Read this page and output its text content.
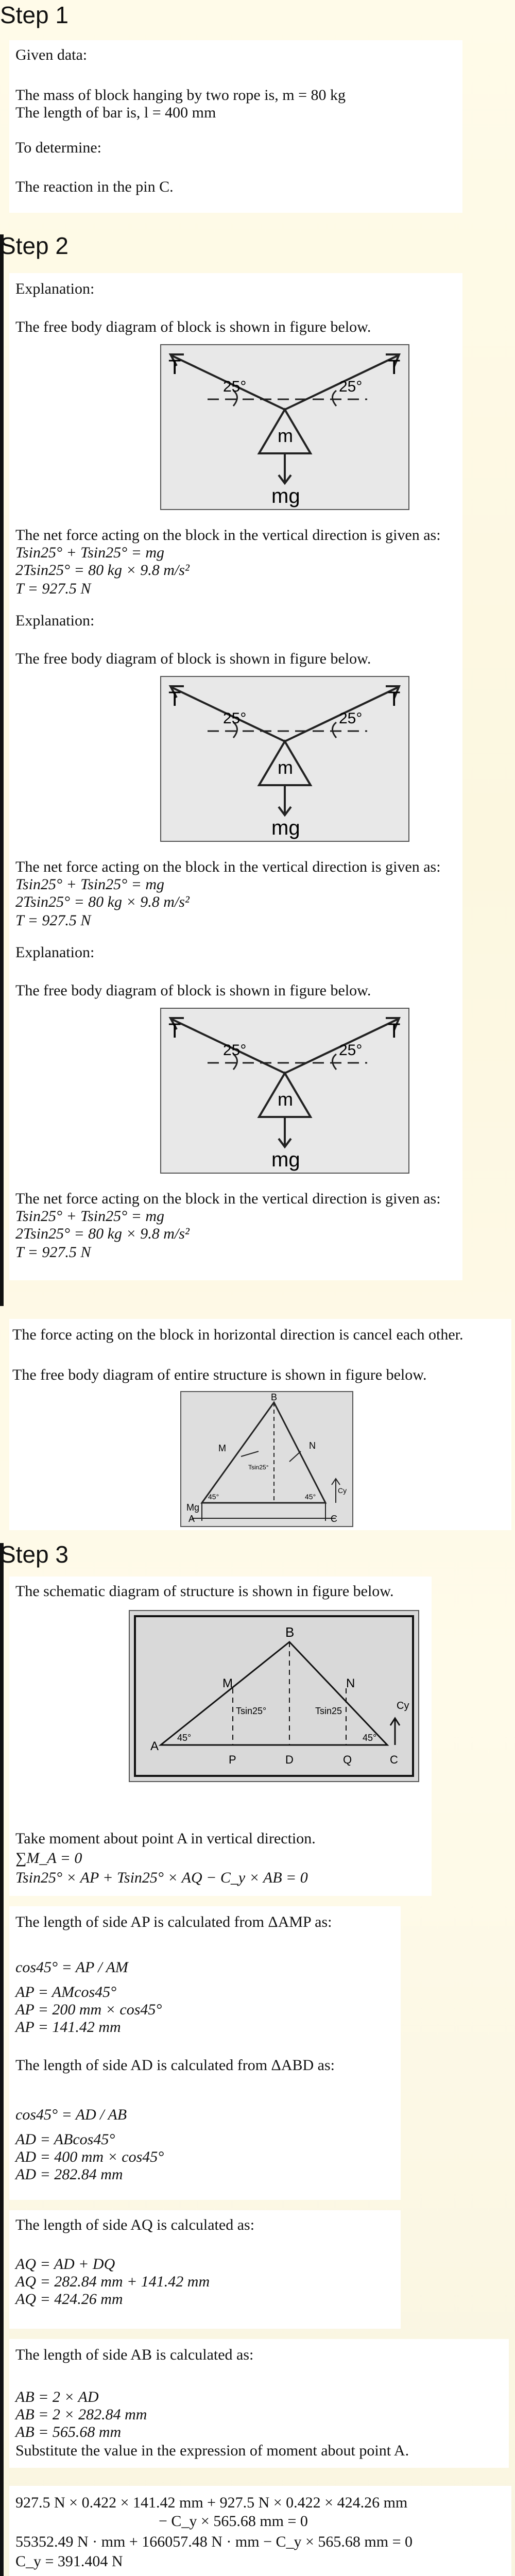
Step 1
Given data:
The mass of block hanging by two rope is, m = 80 kg
The length of bar is, l = 400 mm
To determine:
The reaction in the pin C.
Step 2
Explanation:
The free body diagram of block is shown in figure below.
T	T
25°	25°
m
mg
The net force acting on the block in the vertical direction is given as:
Tsin25° + Tsin25° = mg
2Tsin25° = 80 kg × 9.8 m/s²
T = 927.5 N
Explanation:
The free body diagram of block is shown in figure below.
T	T
25°	25°
m
mg
The net force acting on the block in the vertical direction is given as:
Tsin25° + Tsin25° = mg
2Tsin25° = 80 kg × 9.8 m/s²
T = 927.5 N
Explanation:
The free body diagram of block is shown in figure below.
T	T
25°	25°
m
mg
The net force acting on the block in the vertical direction is given as:
Tsin25° + Tsin25° = mg
2Tsin25° = 80 kg × 9.8 m/s²
T = 927.5 N
The force acting on the block in horizontal direction is cancel each other.
The free body diagram of entire structure is shown in figure below.
B
M	N
Mg
A	C
45°	45°
Cy
Tsin25°
Step 3
The schematic diagram of structure is shown in figure below.
B
M	N
A
P	D	Q	C
Cy
Tsin25°	Tsin25
45°	45°
Take moment about point A in vertical direction.
∑M_A = 0
Tsin25° × AP + Tsin25° × AQ − C_y × AB = 0
The length of side AP is calculated from ΔAMP as:
cos45° = AP / AM
AP = AMcos45°
AP = 200 mm × cos45°
AP = 141.42 mm
The length of side AD is calculated from ΔABD as:
cos45° = AD / AB
AD = ABcos45°
AD = 400 mm × cos45°
AD = 282.84 mm
The length of side AQ is calculated as:
AQ = AD + DQ
AQ = 282.84 mm + 141.42 mm
AQ = 424.26 mm
The length of side AB is calculated as:
AB = 2 × AD
AB = 2 × 282.84 mm
AB = 565.68 mm
Substitute the value in the expression of moment about point A.
927.5 N × 0.422 × 141.42 mm + 927.5 N × 0.422 × 424.26 mm
− C_y × 565.68 mm = 0
55352.49 N · mm + 166057.48 N · mm − C_y × 565.68 mm = 0
C_y = 391.404 N
